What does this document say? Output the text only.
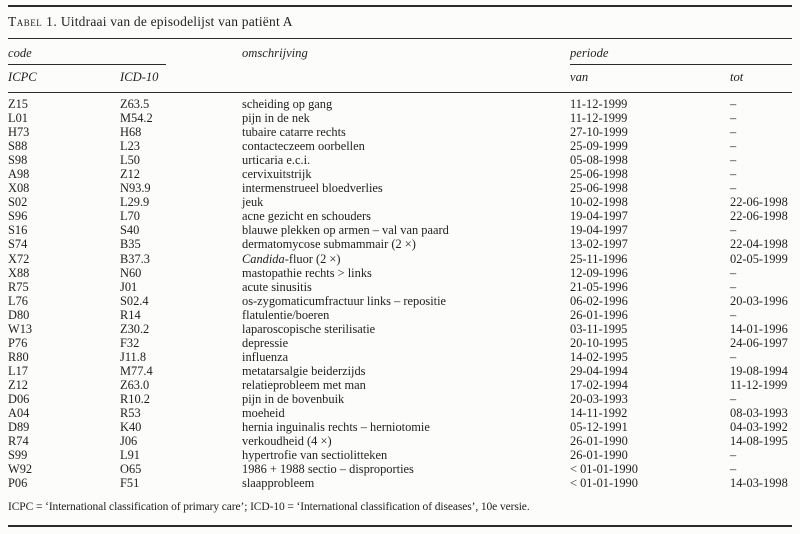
Tabel 1. Uitdraai van de episodelijst van patiënt A
code	omschrijving	periode
ICPC	ICD-10	van	tot
Z15	Z63.5	scheiding op gang	11-12-1999	–
L01	M54.2	pijn in de nek	11-12-1999	–
H73	H68	tubaire catarre rechts	27-10-1999	–
S88	L23	contacteczeem oorbellen	25-09-1999	–
S98	L50	urticaria e.c.i.	05-08-1998	–
A98	Z12	cervixuitstrijk	25-06-1998	–
X08	N93.9	intermenstrueel bloedverlies	25-06-1998	–
S02	L29.9	jeuk	10-02-1998	22-06-1998
S96	L70	acne gezicht en schouders	19-04-1997	22-06-1998
S16	S40	blauwe plekken op armen – val van paard	19-04-1997	–
S74	B35	dermatomycose submammair (2 ×)	13-02-1997	22-04-1998
X72	B37.3	Candida-fluor (2 ×)	25-11-1996	02-05-1999
X88	N60	mastopathie rechts > links	12-09-1996	–
R75	J01	acute sinusitis	21-05-1996	–
L76	S02.4	os-zygomaticumfractuur links – repositie	06-02-1996	20-03-1996
D80	R14	flatulentie/boeren	26-01-1996	–
W13	Z30.2	laparoscopische sterilisatie	03-11-1995	14-01-1996
P76	F32	depressie	20-10-1995	24-06-1997
R80	J11.8	influenza	14-02-1995	–
L17	M77.4	metatarsalgie beiderzijds	29-04-1994	19-08-1994
Z12	Z63.0	relatieprobleem met man	17-02-1994	11-12-1999
D06	R10.2	pijn in de bovenbuik	20-03-1993	–
A04	R53	moeheid	14-11-1992	08-03-1993
D89	K40	hernia inguinalis rechts – herniotomie	05-12-1991	04-03-1992
R74	J06	verkoudheid (4 ×)	26-01-1990	14-08-1995
S99	L91	hypertrofie van sectiolitteken	26-01-1990	–
W92	O65	1986 + 1988 sectio – disproporties	< 01-01-1990	–
P06	F51	slaapprobleem	< 01-01-1990	14-03-1998
ICPC = ‘International classification of primary care’; ICD-10 = ‘International classification of diseases’, 10e versie.
